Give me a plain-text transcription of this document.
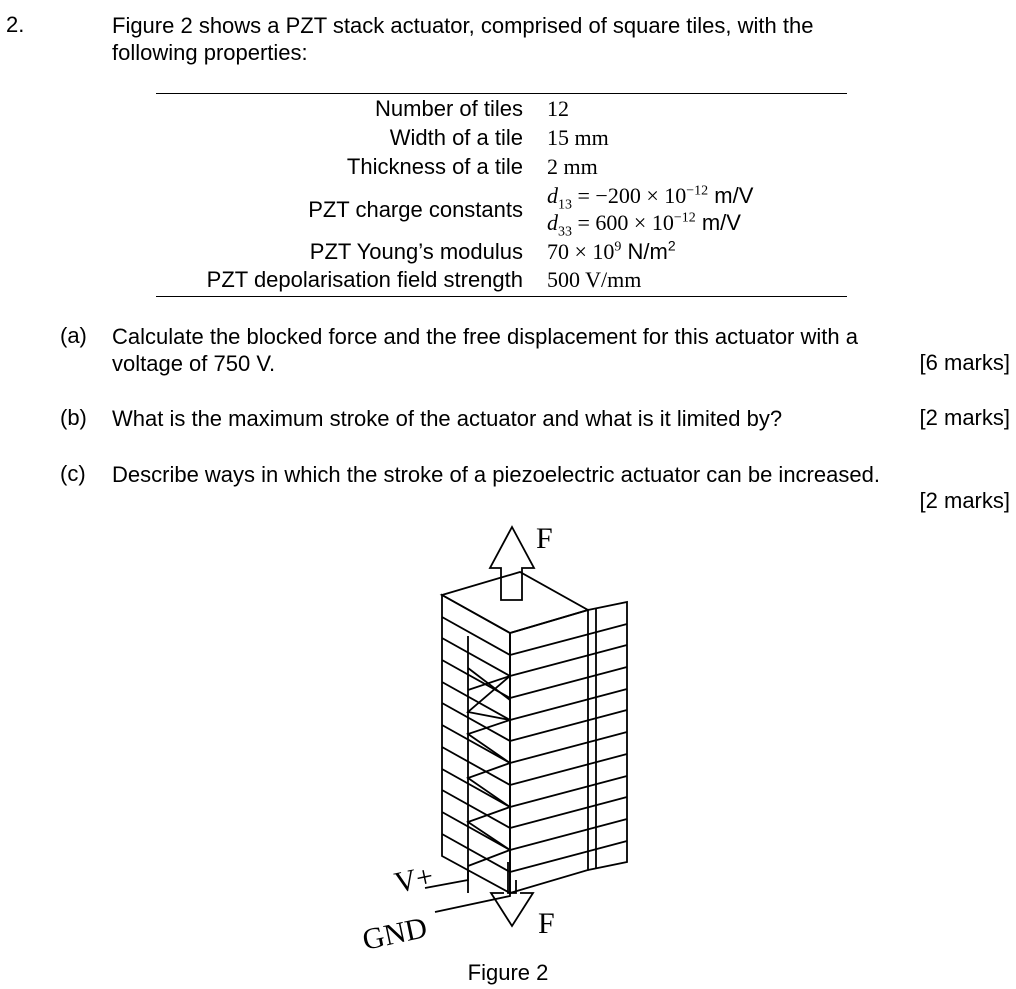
2.	Figure 2 shows a PZT stack actuator, comprised of square tiles, with the following properties:
Number of tiles 12
Width of a tile 15 mm
Thickness of a tile 2 mm
PZT charge constants
$d_{13} = -200 \times 10^{-12}$ m/V
$d_{33} = 600 \times 10^{-12}$ m/V
PZT Young’s modulus $70 \times 10^9$ $N/m^2$
PZT depolarisation field strength 500 V/mm
(a) Calculate the blocked force and the free displacement for this actuator with a voltage of 750 V.	[6 marks]
(b) What is the maximum stroke of the actuator and what is it limited by?	[2 marks]
(c) Describe ways in which the stroke of a piezoelectric actuator can be increased.
[2 marks]
F
F
V+
GND
Figure 2
